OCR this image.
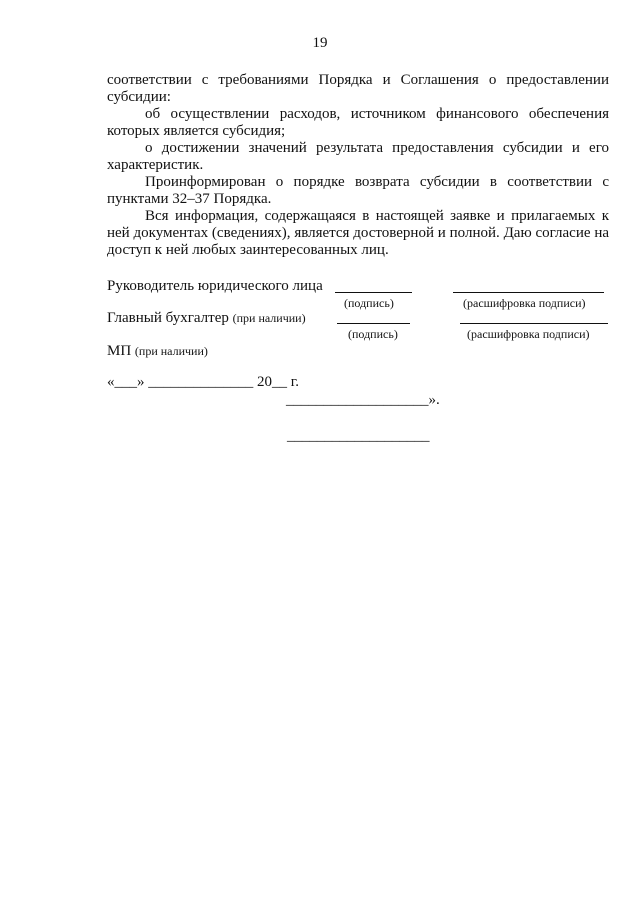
19

соответствии с требованиями Порядка и Соглашения о предоставлении субсидии:

об осуществлении расходов, источником финансового обеспечения которых является субсидия;

о достижении значений результата предоставления субсидии и его характеристик.

Проинформирован о порядке возврата субсидии в соответствии с пунктами 32–37 Порядка.

Вся информация, содержащаяся в настоящей заявке и прилагаемых к ней документах (сведениях), является достоверной и полной. Даю согласие на доступ к ней любых заинтересованных лиц.

Руководитель юридического лица
(подпись)	(расшифровка подписи)
Главный бухгалтер (при наличии)
(подпись)	(расшифровка подписи)
МП (при наличии)
«___» ______________ 20__ г.
___________________».
___________________
